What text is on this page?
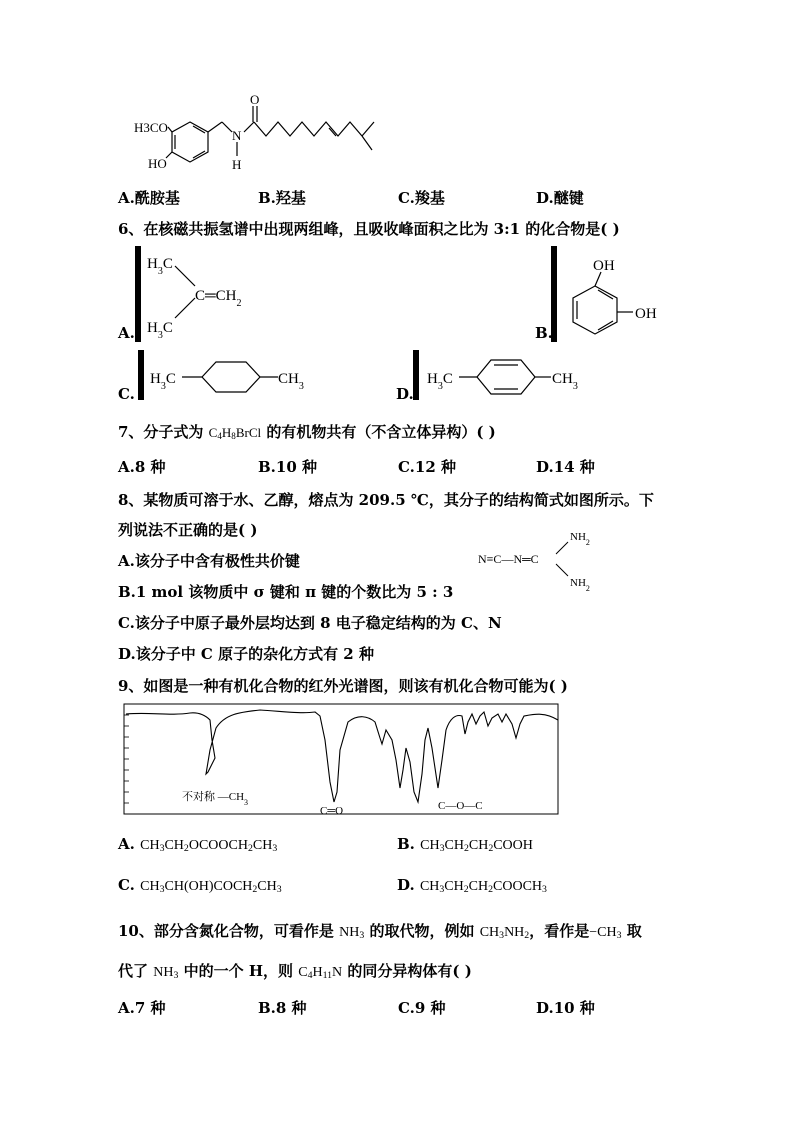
H3CO
HO
N
H
O
A.酰胺基	B.羟基	C.羧基	D.醚键
6、在核磁共振氢谱中出现两组峰，且吸收峰面积之比为 3:1 的化合物是( )
A.
$H_3C$
$H_3C$
$C═CH_2$
B.
OH
OH
C.
$H_3C$	$CH_3$	D.
$H_3C$	$CH_3$
7、分子式为 $C_4H_8BrCl$ 的有机物共有（不含立体异构）( )
A.8 种	B.10 种	C.12 种	D.14 种
8、某物质可溶于水、乙醇，熔点为 209.5 ℃，其分子的结构简式如图所示。下
列说法不正确的是( )
A.该分子中含有极性共价键
B.1 mol 该物质中 σ 键和 π 键的个数比为 5 : 3
C.该分子中原子最外层均达到 8 电子稳定结构的为 C、N
D.该分子中 C 原子的杂化方式有 2 种
N≡C—N═C
$NH_2$
$NH_2$
9、如图是一种有机化合物的红外光谱图，则该有机化合物可能为( )
不对称 $—CH_3$
C═O	C—O—C
A. $CH_3CH_2OCOOCH_2CH_3$	B. $CH_3CH_2CH_2COOH$
C. $CH_3CH(OH)COCH_2CH_3$	D. $CH_3CH_2CH_2COOCH_3$
10、部分含氮化合物，可看作是 $NH_3$ 的取代物，例如 $CH_3NH_2$，看作是$-CH_3$ 取
代了 $NH_3$ 中的一个 H，则 $C_4H_{11}N$ 的同分异构体有( )
A.7 种	B.8 种	C.9 种	D.10 种
